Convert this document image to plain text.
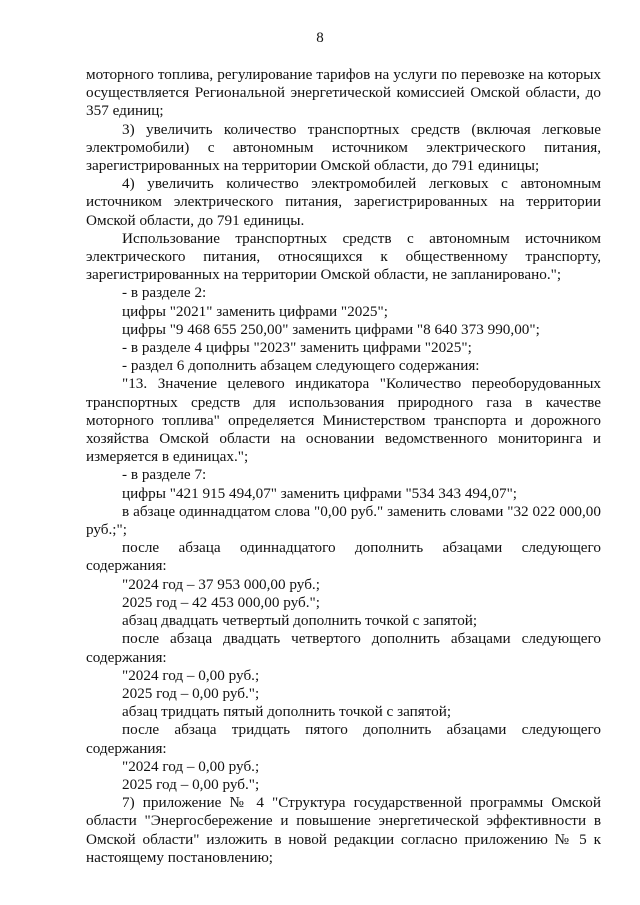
8

моторного топлива, регулирование тарифов на услуги по перевозке на которых осуществляется Региональной энергетической комиссией Омской области, до 357 единиц;

3) увеличить количество транспортных средств (включая легковые электромобили) с автономным источником электрического питания, зарегистрированных на территории Омской области, до 791 единицы;

4) увеличить количество электромобилей легковых с автономным источником электрического питания, зарегистрированных на территории Омской области, до 791 единицы.

Использование транспортных средств с автономным источником электрического питания, относящихся к общественному транспорту, зарегистрированных на территории Омской области, не запланировано.";

- в разделе 2:

цифры "2021" заменить цифрами "2025";

цифры "9 468 655 250,00" заменить цифрами "8 640 373 990,00";

- в разделе 4 цифры "2023" заменить цифрами "2025";

- раздел 6 дополнить абзацем следующего содержания:

"13. Значение целевого индикатора "Количество переоборудованных транспортных средств для использования природного газа в качестве моторного топлива" определяется Министерством транспорта и дорожного хозяйства Омской области на основании ведомственного мониторинга и измеряется в единицах.";

- в разделе 7:

цифры "421 915 494,07" заменить цифрами "534 343 494,07";

в абзаце одиннадцатом слова "0,00 руб." заменить словами "32 022 000,00 руб.;";

после абзаца одиннадцатого дополнить абзацами следующего содержания:

"2024 год – 37 953 000,00 руб.;

2025 год – 42 453 000,00 руб.";

абзац двадцать четвертый дополнить точкой с запятой;

после абзаца двадцать четвертого дополнить абзацами следующего содержания:

"2024 год – 0,00 руб.;

2025 год – 0,00 руб.";

абзац тридцать пятый дополнить точкой с запятой;

после абзаца тридцать пятого дополнить абзацами следующего содержания:

"2024 год – 0,00 руб.;

2025 год – 0,00 руб.";

7) приложение № 4 "Структура государственной программы Омской области "Энергосбережение и повышение энергетической эффективности в Омской области" изложить в новой редакции согласно приложению № 5 к настоящему постановлению;
